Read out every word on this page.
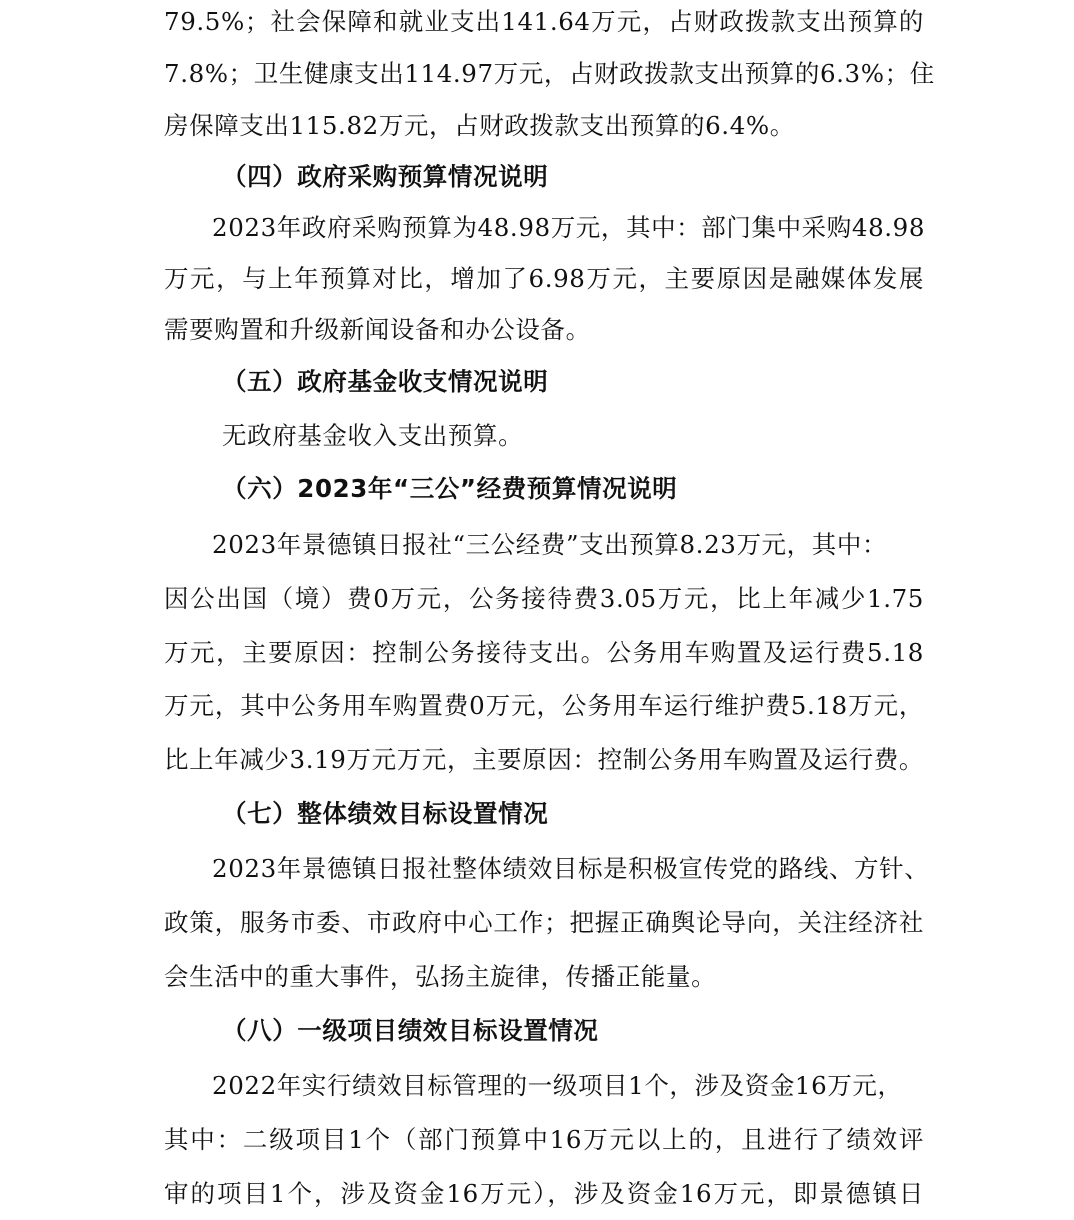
79.5%；社会保障和就业支出141.64万元，占财政拨款支出预算的
7.8%；卫生健康支出114.97万元，占财政拨款支出预算的6.3%；住
房保障支出115.82万元，占财政拨款支出预算的6.4%。
（四）政府采购预算情况说明
2023年政府采购预算为48.98万元，其中：部门集中采购48.98
万元，与上年预算对比，增加了6.98万元，主要原因是融媒体发展
需要购置和升级新闻设备和办公设备。
（五）政府基金收支情况说明
无政府基金收入支出预算。
（六）2023年“三公”经费预算情况说明
2023年景德镇日报社“三公经费”支出预算8.23万元，其中：
因公出国（境）费0万元，公务接待费3.05万元，比上年减少1.75
万元，主要原因：控制公务接待支出。公务用车购置及运行费5.18
万元，其中公务用车购置费0万元，公务用车运行维护费5.18万元，
比上年减少3.19万元万元，主要原因：控制公务用车购置及运行费。
（七）整体绩效目标设置情况
2023年景德镇日报社整体绩效目标是积极宣传党的路线、方针、
政策，服务市委、市政府中心工作；把握正确舆论导向，关注经济社
会生活中的重大事件，弘扬主旋律，传播正能量。
（八）一级项目绩效目标设置情况
2022年实行绩效目标管理的一级项目1个，涉及资金16万元，
其中：二级项目1个（部门预算中16万元以上的，且进行了绩效评
审的项目1个，涉及资金16万元），涉及资金16万元，即景德镇日
